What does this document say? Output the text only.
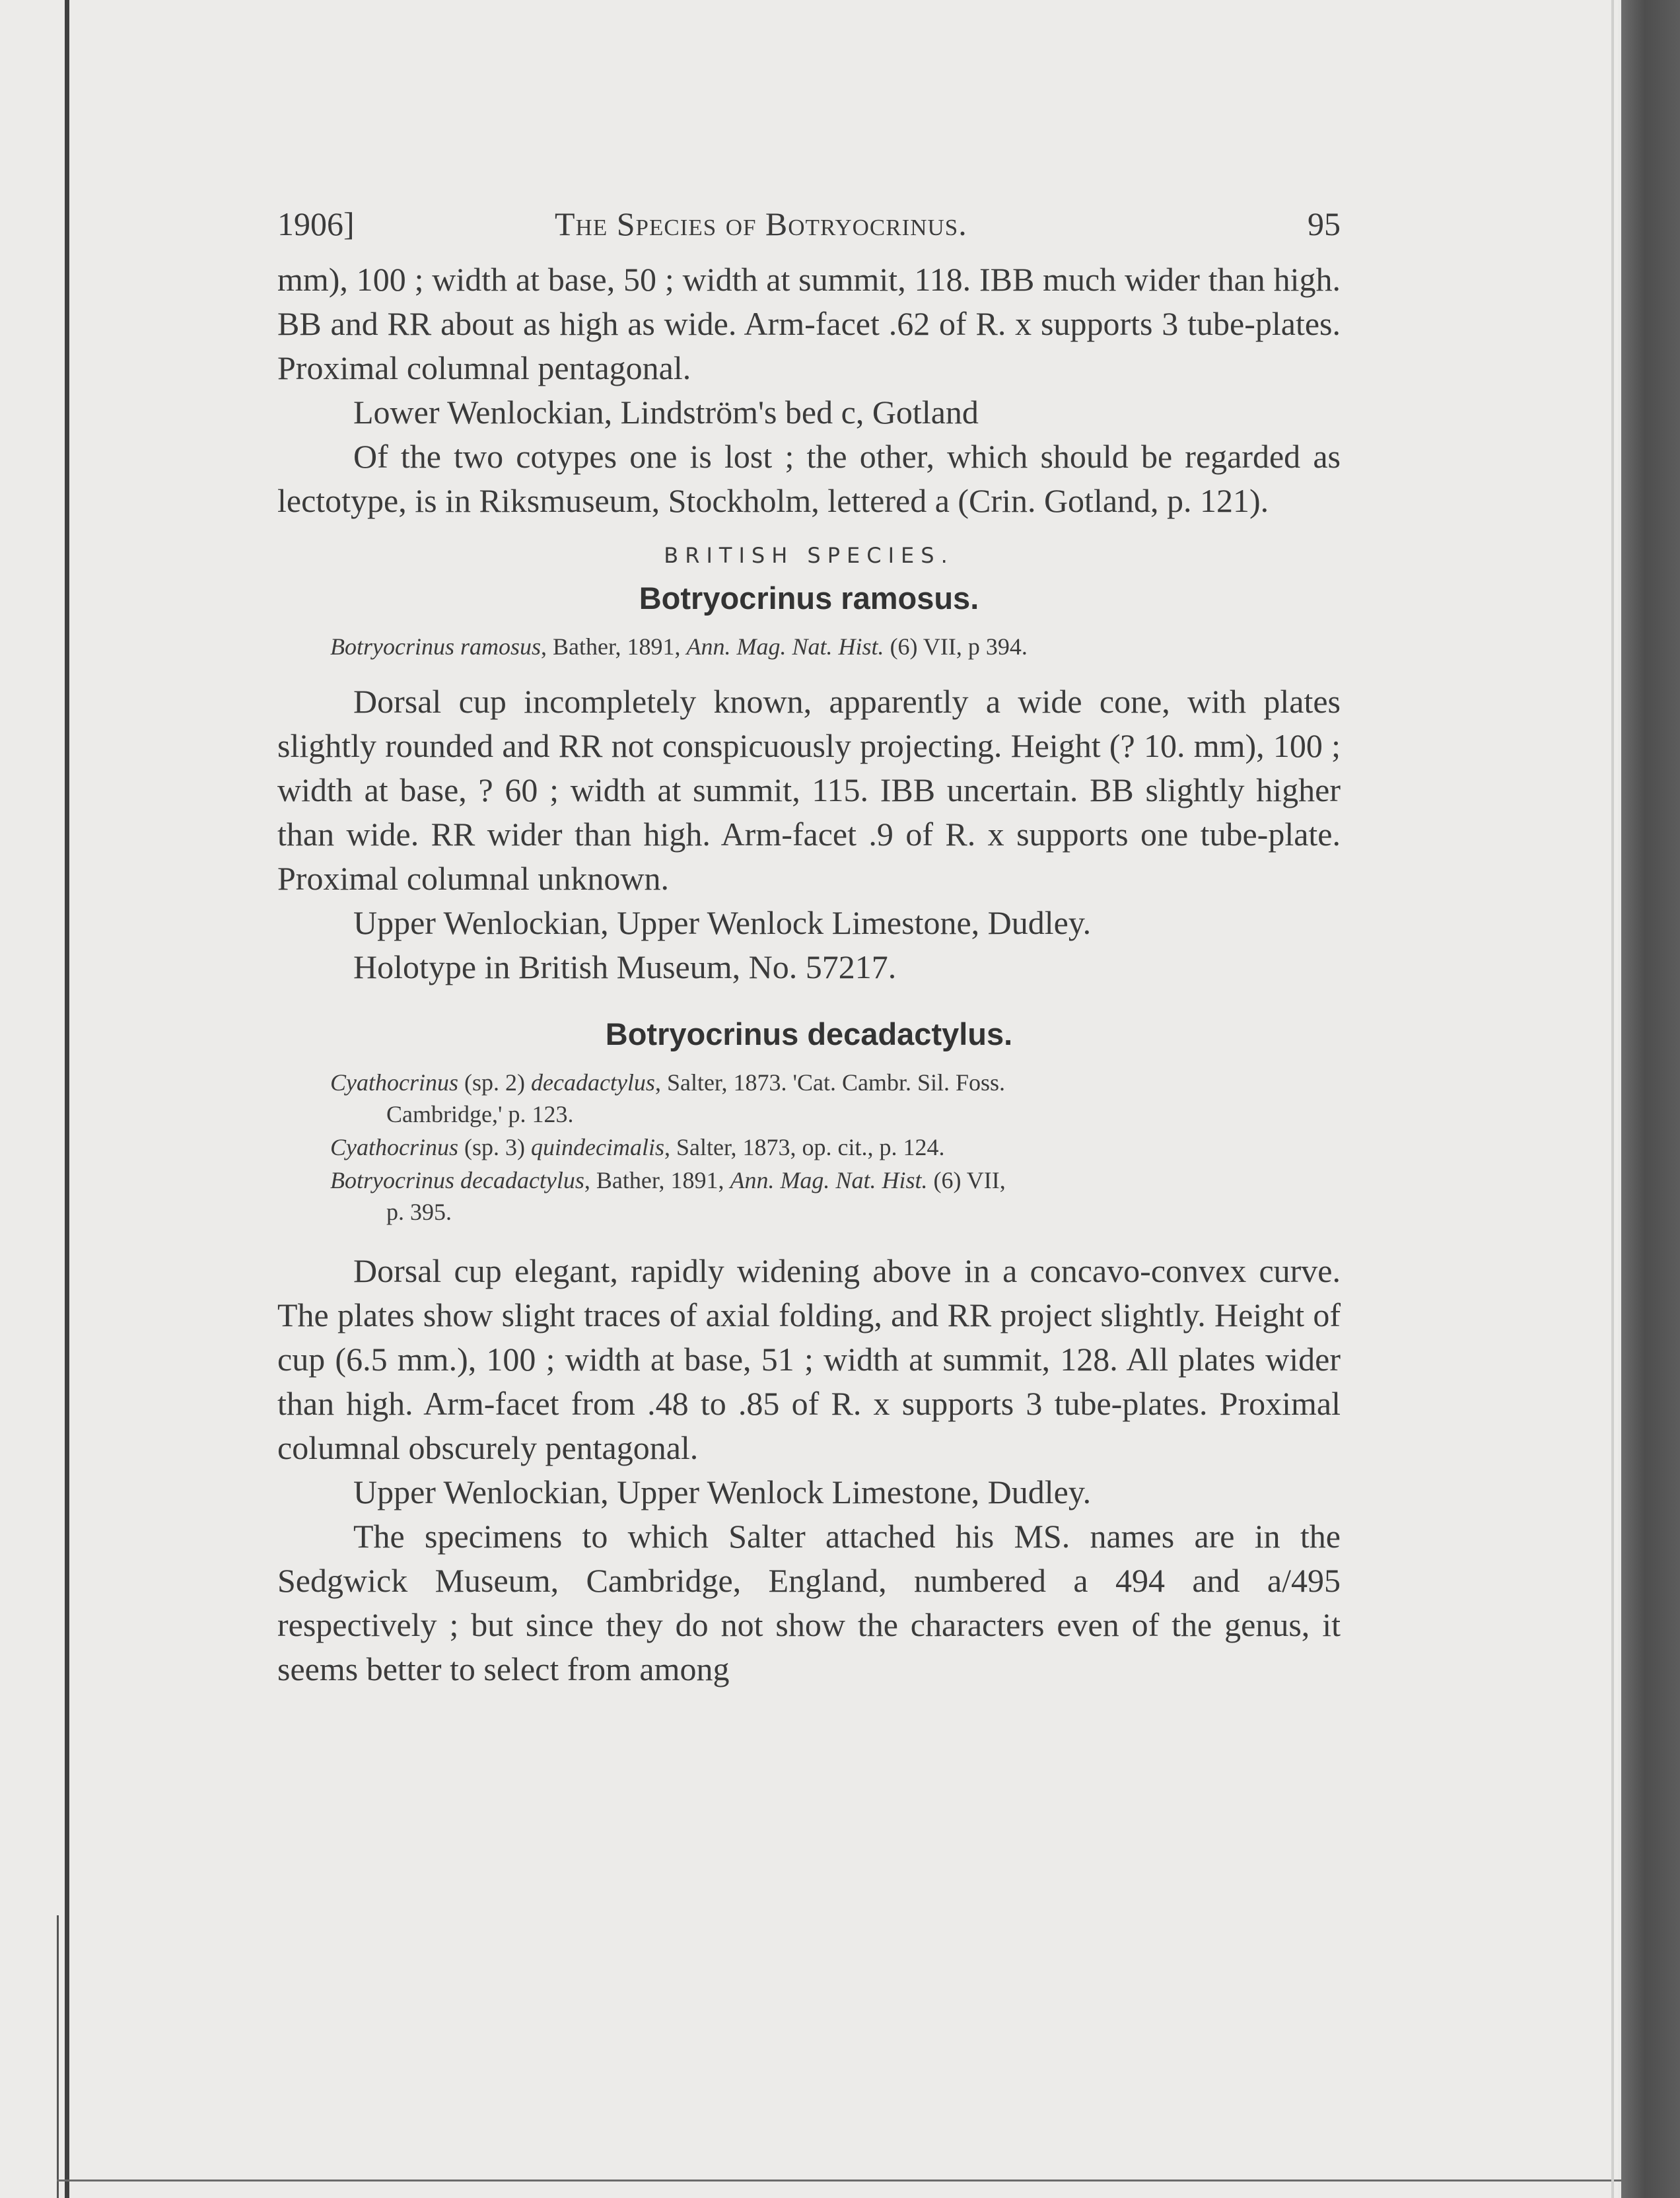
1906]	The Species of Botryocrinus.	95

mm), 100 ; width at base, 50 ; width at summit, 118. IBB much wider than high. BB and RR about as high as wide. Arm-facet .62 of R. x supports 3 tube-plates. Proximal columnal pentagonal.

Lower Wenlockian, Lindström's bed c, Gotland

Of the two cotypes one is lost ; the other, which should be regarded as lectotype, is in Riksmuseum, Stockholm, lettered a (Crin. Gotland, p. 121).

BRITISH SPECIES.
Botryocrinus ramosus.

Botryocrinus ramosus, Bather, 1891, Ann. Mag. Nat. Hist. (6) VII, p 394.

Dorsal cup incompletely known, apparently a wide cone, with plates slightly rounded and RR not conspicuously projecting. Height (? 10. mm), 100 ; width at base, ? 60 ; width at summit, 115. IBB uncertain. BB slightly higher than wide. RR wider than high. Arm-facet .9 of R. x supports one tube-plate. Proximal columnal unknown.

Upper Wenlockian, Upper Wenlock Limestone, Dudley.

Holotype in British Museum, No. 57217.

Botryocrinus decadactylus.
Cyathocrinus (sp. 2) decadactylus, Salter, 1873. 'Cat. Cambr. Sil. Foss.
Cambridge,' p. 123.
Cyathocrinus (sp. 3) quindecimalis, Salter, 1873, op. cit., p. 124.
Botryocrinus decadactylus, Bather, 1891, Ann. Mag. Nat. Hist. (6) VII,
p. 395.

Dorsal cup elegant, rapidly widening above in a concavo-convex curve. The plates show slight traces of axial folding, and RR project slightly. Height of cup (6.5 mm.), 100 ; width at base, 51 ; width at summit, 128. All plates wider than high. Arm-facet from .48 to .85 of R. x supports 3 tube-plates. Proximal columnal obscurely pentagonal.

Upper Wenlockian, Upper Wenlock Limestone, Dudley.

The specimens to which Salter attached his MS. names are in the Sedgwick Museum, Cambridge, England, numbered a 494 and a/495 respectively ; but since they do not show the characters even of the genus, it seems better to select from among
